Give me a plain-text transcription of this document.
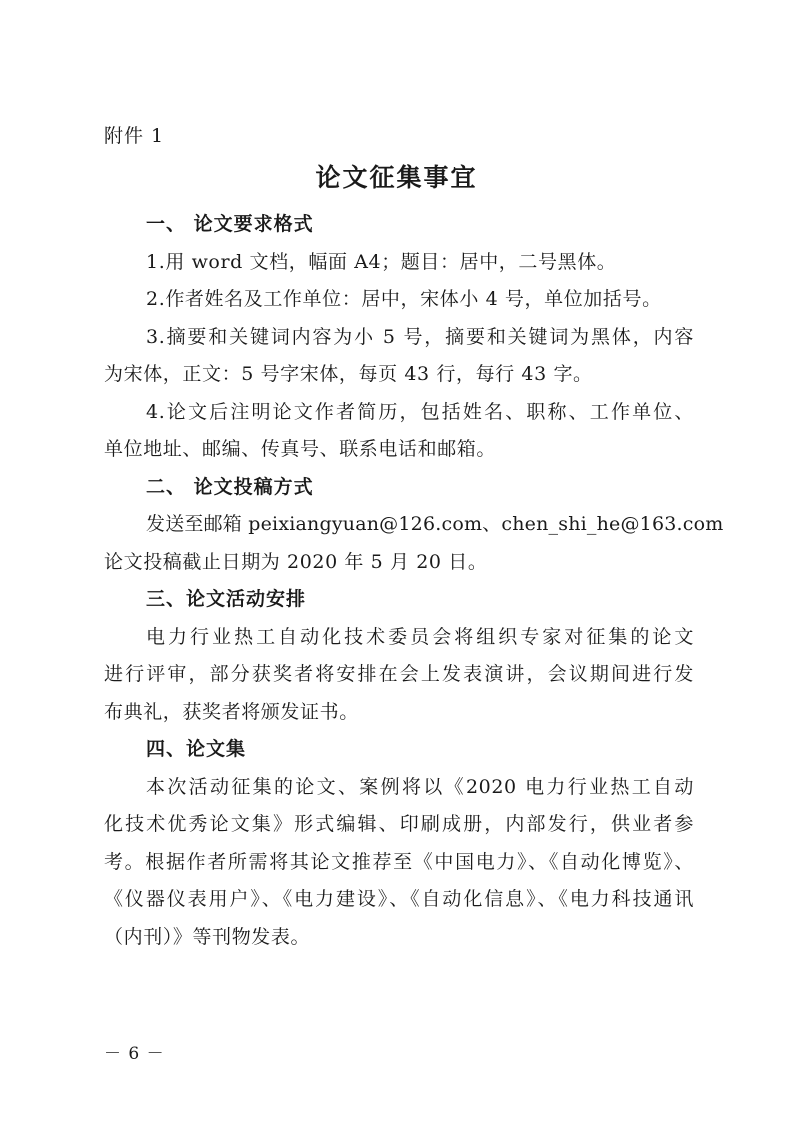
附件 1
论文征集事宜
一、 论文要求格式
1.用 word 文档，幅面 A4；题目：居中，二号黑体。
2.作者姓名及工作单位：居中，宋体小 4 号，单位加括号。
3.摘要和关键词内容为小 5 号，摘要和关键词为黑体，内容
为宋体，正文：5 号字宋体，每页 43 行，每行 43 字。
4.论文后注明论文作者简历，包括姓名、职称、工作单位、
单位地址、邮编、传真号、联系电话和邮箱。
二、 论文投稿方式
发送至邮箱 peixiangyuan@126.com、chen_shi_he@163.com
论文投稿截止日期为 2020 年 5 月 20 日。
三、论文活动安排
电力行业热工自动化技术委员会将组织专家对征集的论文
进行评审，部分获奖者将安排在会上发表演讲，会议期间进行发
布典礼，获奖者将颁发证书。
四、论文集
本次活动征集的论文、案例将以《2020 电力行业热工自动
化技术优秀论文集》形式编辑、印刷成册，内部发行，供业者参
考。根据作者所需将其论文推荐至《中国电力》、《自动化博览》、
《仪器仪表用户》、《电力建设》、《自动化信息》、《电力科技通讯
（内刊）》等刊物发表。
－ 6 －
